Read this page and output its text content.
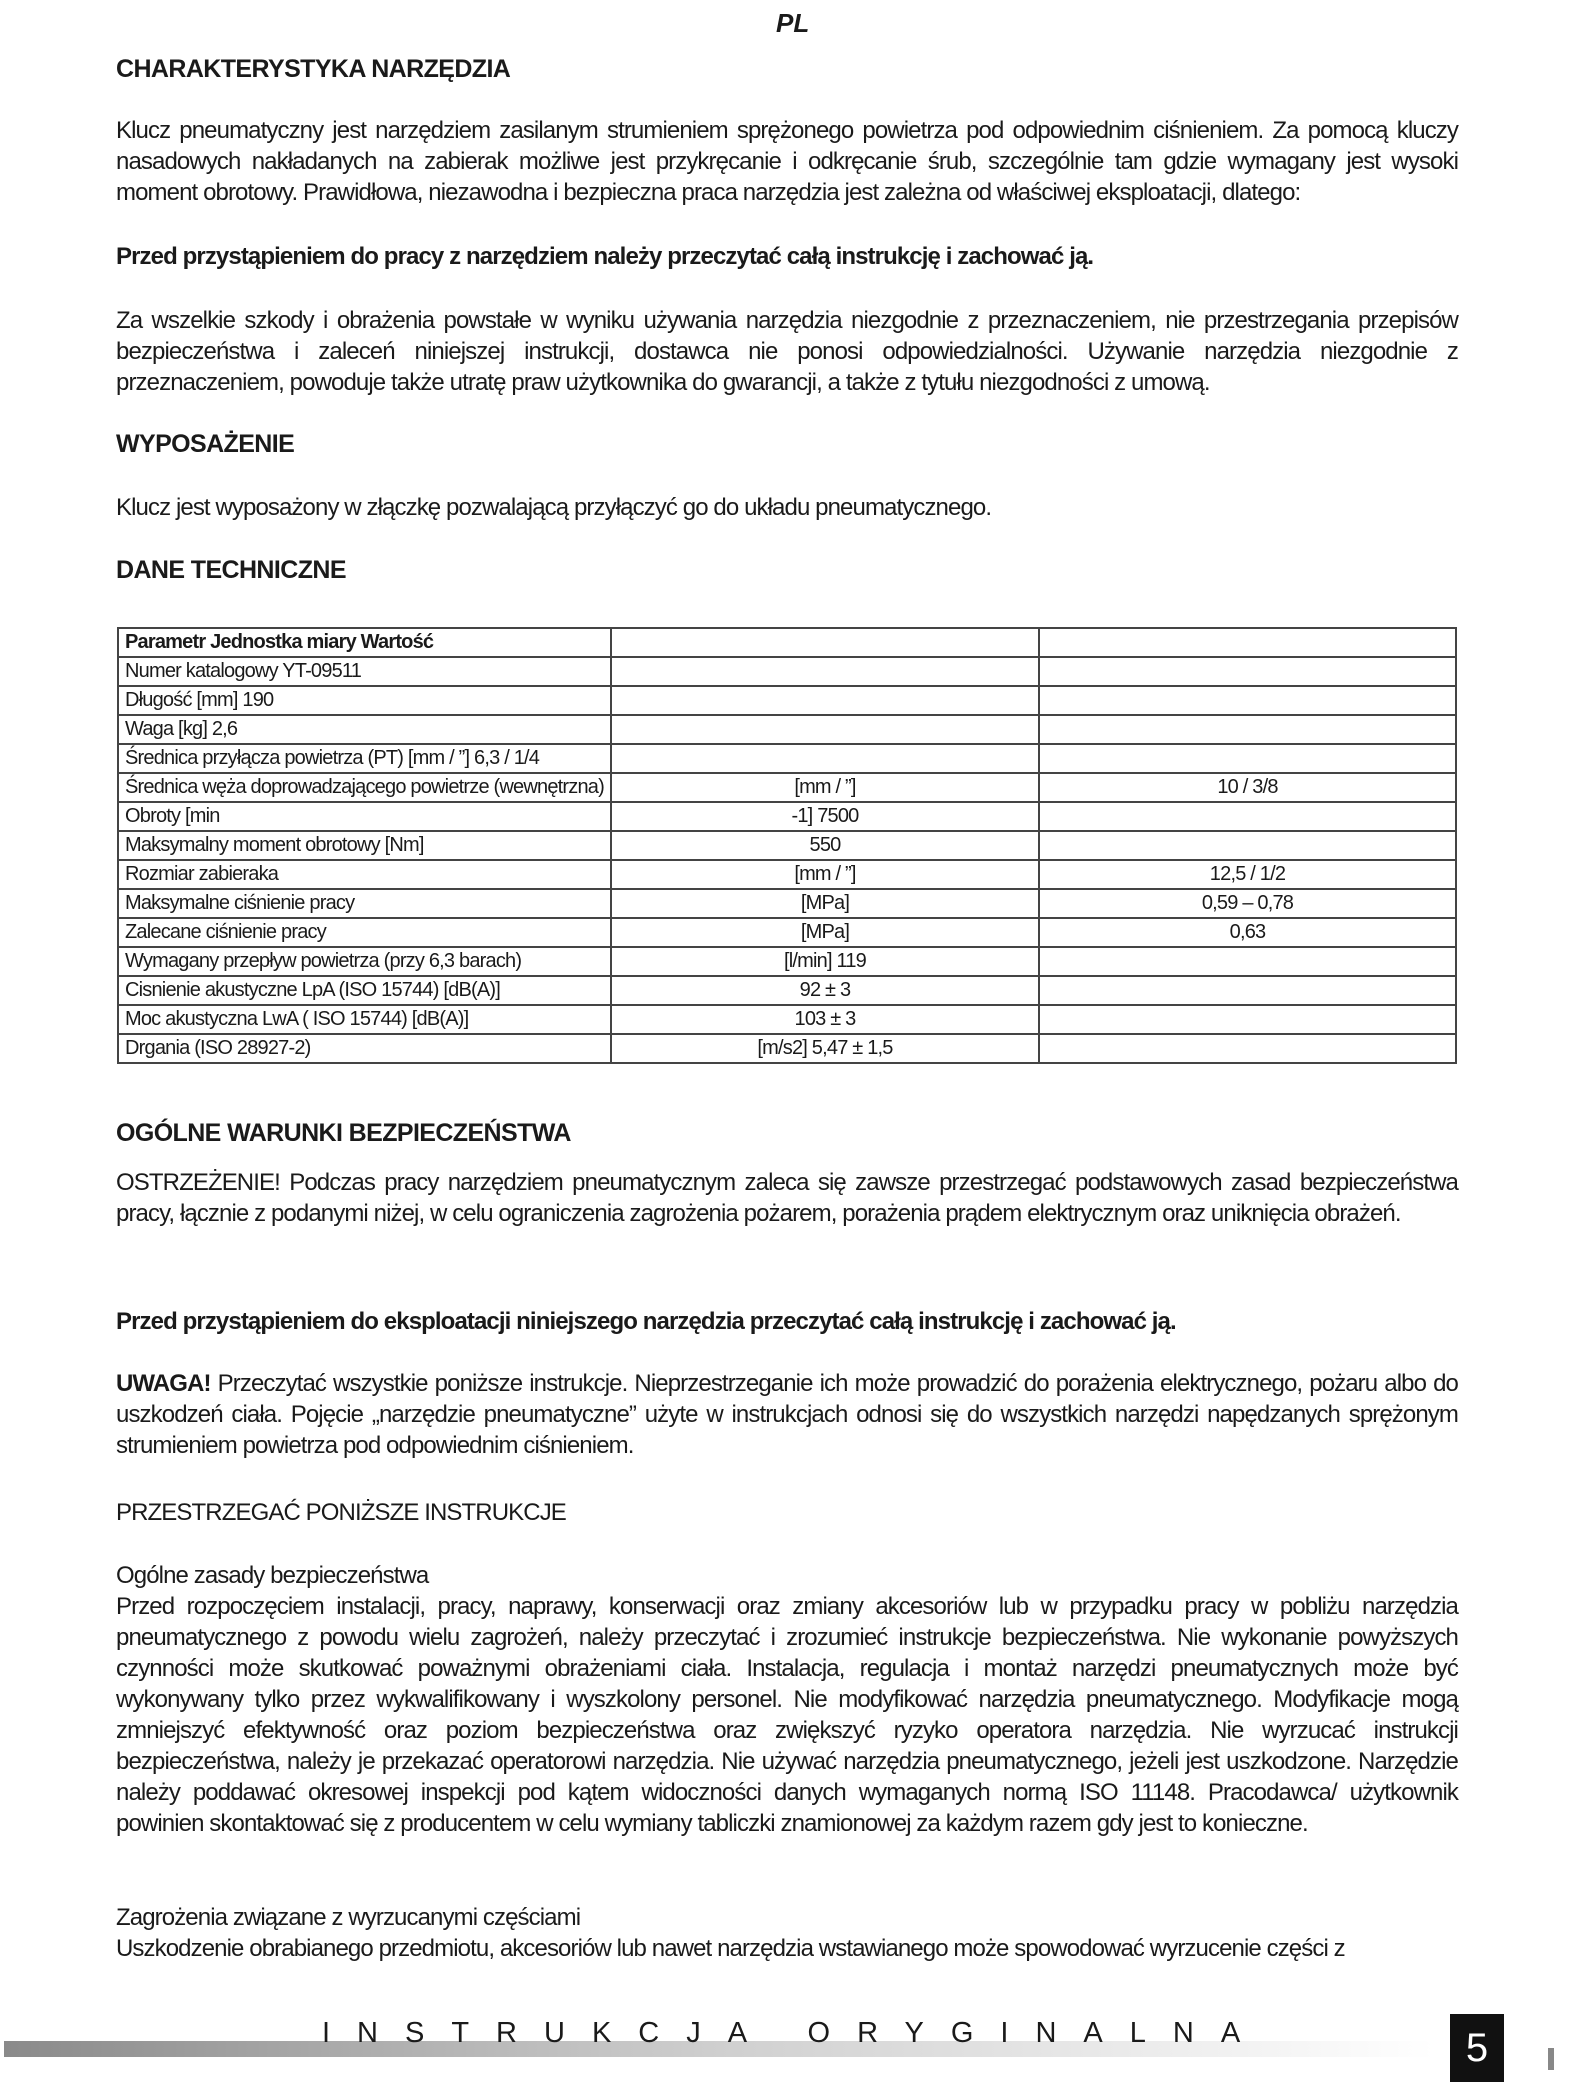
PL
CHARAKTERYSTYKA NARZĘDZIA
Klucz pneumatyczny jest narzędziem zasilanym strumieniem sprężonego powietrza pod odpowiednim ciśnieniem. Za pomocą kluczy nasadowych nakładanych na zabierak możliwe jest przykręcanie i odkręcanie śrub, szczególnie tam gdzie wymagany jest wysoki moment obrotowy. Prawidłowa, niezawodna i bezpieczna praca narzędzia jest zależna od właściwej eksploatacji, dlatego:
Przed przystąpieniem do pracy z narzędziem należy przeczytać całą instrukcję i zachować ją.
Za wszelkie szkody i obrażenia powstałe w wyniku używania narzędzia niezgodnie z przeznaczeniem, nie przestrzegania przepisów bezpieczeństwa i zaleceń niniejszej instrukcji, dostawca nie ponosi odpowiedzialności. Używanie narzędzia niezgodnie z przeznaczeniem, powoduje także utratę praw użytkownika do gwarancji, a także z tytułu niezgodności z umową.
WYPOSAŻENIE
Klucz jest wyposażony w złączkę pozwalającą przyłączyć go do układu pneumatycznego.
DANE TECHNICZNE
Parametr Jednostka miary Wartość		
Numer katalogowy YT-09511		
Długość [mm] 190		
Waga [kg] 2,6		
Średnica przyłącza powietrza (PT) [mm / ”] 6,3 / 1/4		
Średnica węża doprowadzającego powietrze (wewnętrzna)	[mm / ”]	10 / 3/8
Obroty [min	-1] 7500	
Maksymalny moment obrotowy [Nm]	550	
Rozmiar zabieraka	[mm / ”]	12,5 / 1/2
Maksymalne ciśnienie pracy	[MPa]	0,59 – 0,78
Zalecane ciśnienie pracy	[MPa]	0,63
Wymagany przepływ powietrza (przy 6,3 barach)	[l/min] 119	
Cisnienie akustyczne LpA (ISO 15744) [dB(A)]	92 ± 3	
Moc akustyczna LwA ( ISO 15744) [dB(A)]	103 ± 3	
Drgania (ISO 28927-2)	[m/s2] 5,47 ± 1,5	
OGÓLNE WARUNKI BEZPIECZEŃSTWA
OSTRZEŻENIE! Podczas pracy narzędziem pneumatycznym zaleca się zawsze przestrzegać podstawowych zasad bezpieczeństwa pracy, łącznie z podanymi niżej, w celu ograniczenia zagrożenia pożarem, porażenia prądem elektrycznym oraz uniknięcia obrażeń.
Przed przystąpieniem do eksploatacji niniejszego narzędzia przeczytać całą instrukcję i zachować ją.
UWAGA! Przeczytać wszystkie poniższe instrukcje. Nieprzestrzeganie ich może prowadzić do porażenia elektrycznego, pożaru albo do uszkodzeń ciała. Pojęcie „narzędzie pneumatyczne” użyte w instrukcjach odnosi się do wszystkich narzędzi napędzanych sprężonym strumieniem powietrza pod odpowiednim ciśnieniem.
PRZESTRZEGAĆ PONIŻSZE INSTRUKCJE
Ogólne zasady bezpieczeństwa
Przed rozpoczęciem instalacji, pracy, naprawy, konserwacji oraz zmiany akcesoriów lub w przypadku pracy w pobliżu narzędzia pneumatycznego z powodu wielu zagrożeń, należy przeczytać i zrozumieć instrukcje bezpieczeństwa. Nie wykonanie powyższych czynności może skutkować poważnymi obrażeniami ciała. Instalacja, regulacja i montaż narzędzi pneumatycznych może być wykonywany tylko przez wykwalifikowany i wyszkolony personel. Nie modyfikować narzędzia pneumatycznego. Modyfikacje mogą zmniejszyć efektywność oraz poziom bezpieczeństwa oraz zwiększyć ryzyko operatora narzędzia. Nie wyrzucać instrukcji bezpieczeństwa, należy je przekazać operatorowi narzędzia. Nie używać narzędzia pneumatycznego, jeżeli jest uszkodzone. Narzędzie należy poddawać okresowej inspekcji pod kątem widoczności danych wymaganych normą ISO 11148. Pracodawca/ użytkownik powinien skontaktować się z producentem w celu wymiany tabliczki znamionowej za każdym razem gdy jest to konieczne.
Zagrożenia związane z wyrzucanymi częściami
Uszkodzenie obrabianego przedmiotu, akcesoriów lub nawet narzędzia wstawianego może spowodować wyrzucenie części z
INSTRUKCJA ORYGINALNA	5
